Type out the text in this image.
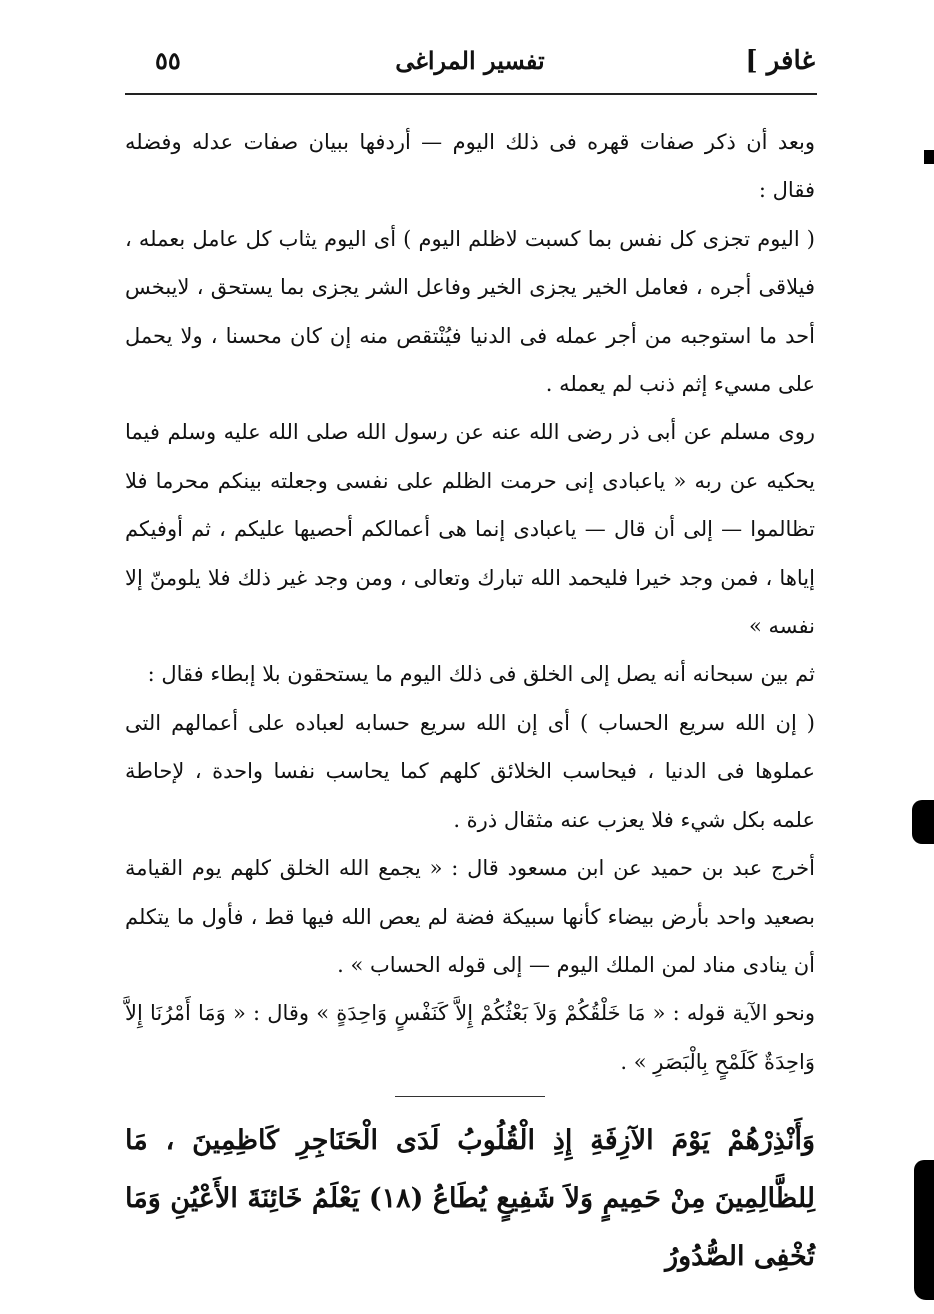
غافر ]
تفسير المراغى
٥٥

وبعد أن ذكر صفات قهره فى ذلك اليوم — أردفها ببيان صفات عدله وفضله فقال :

( اليوم تجزى كل نفس بما كسبت لاظلم اليوم ) أى اليوم يثاب كل عامل بعمله ، فيلاقى أجره ، فعامل الخير يجزى الخير وفاعل الشر يجزى بما يستحق ، لايبخس أحد ما استوجبه من أجر عمله فى الدنيا فيُنْتقص منه إن كان محسنا ، ولا يحمل على مسيء إثم ذنب لم يعمله .

روى مسلم عن أبى ذر رضى الله عنه عن رسول الله صلى الله عليه وسلم فيما يحكيه عن ربه « ياعبادى إنى حرمت الظلم على نفسى وجعلته بينكم محرما فلا تظالموا — إلى أن قال — ياعبادى إنما هى أعمالكم أحصيها عليكم ، ثم أوفيكم إياها ، فمن وجد خيرا فليحمد الله تبارك وتعالى ، ومن وجد غير ذلك فلا يلومنّ إلا نفسه »

ثم بين سبحانه أنه يصل إلى الخلق فى ذلك اليوم ما يستحقون بلا إبطاء فقال :

( إن الله سريع الحساب ) أى إن الله سريع حسابه لعباده على أعمالهم التى عملوها فى الدنيا ، فيحاسب الخلائق كلهم كما يحاسب نفسا واحدة ، لإحاطة علمه بكل شيء فلا يعزب عنه مثقال ذرة .

أخرج عبد بن حميد عن ابن مسعود قال : « يجمع الله الخلق كلهم يوم القيامة بصعيد واحد بأرض بيضاء كأنها سبيكة فضة لم يعص الله فيها قط ، فأول ما يتكلم أن ينادى مناد لمن الملك اليوم — إلى قوله الحساب » .

ونحو الآية قوله : « مَا خَلْقُكُمْ وَلاَ بَعْثُكُمْ إِلاَّ كَنَفْسٍ وَاحِدَةٍ » وقال : « وَمَا أَمْرُنَا إِلاَّ وَاحِدَةٌ كَلَمْحٍ بِالْبَصَرِ » .

وَأَنْذِرْهُمْ يَوْمَ الآزِفَةِ إِذِ الْقُلُوبُ لَدَى الْحَنَاجِرِ كَاظِمِينَ ، مَا لِلظَّالِمِينَ مِنْ حَمِيمٍ وَلاَ شَفِيعٍ يُطَاعُ (١٨) يَعْلَمُ خَائِنَةَ الأَعْيُنِ وَمَا تُخْفِى الصُّدُورُ
